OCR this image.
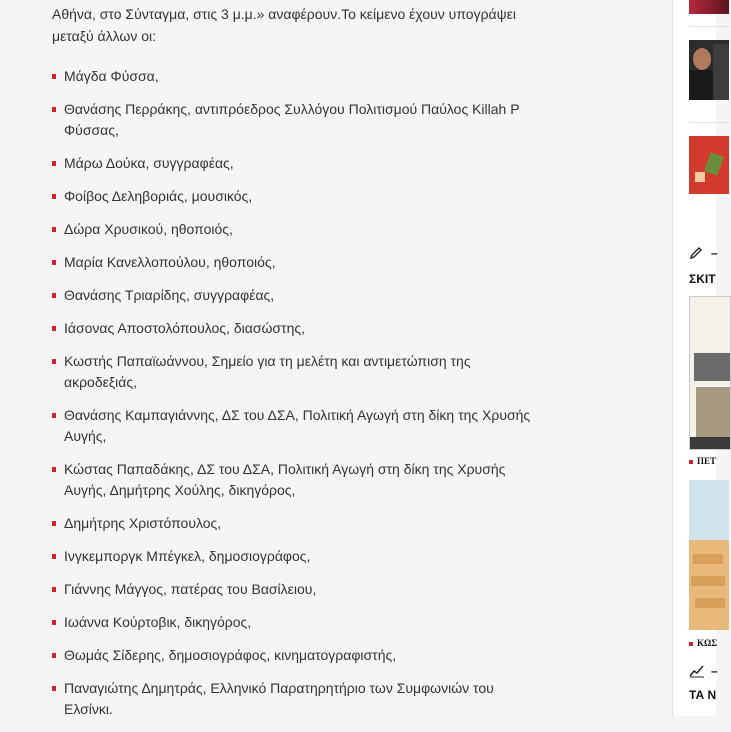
Αθήνα, στο Σύνταγμα, στις 3 μ.μ.» αναφέρουν.Το κείμενο έχουν υπογράψει μεταξύ άλλων οι:

Μάγδα Φύσσα,
Θανάσης Περράκης, αντιπρόεδρος Συλλόγου Πολιτισμού Παύλος Killah P Φύσσας,
Μάρω Δούκα, συγγραφέας,
Φοίβος Δεληβοριάς, μουσικός,
Δώρα Χρυσικού, ηθοποιός,
Μαρία Κανελλοπούλου, ηθοποιός,
Θανάσης Τριαρίδης, συγγραφέας,
Ιάσονας Αποστολόπουλος, διασώστης,
Κωστής Παπαϊωάννου, Σημείο για τη μελέτη και αντιμετώπιση της ακροδεξιάς,
Θανάσης Καμπαγιάννης, ΔΣ του ΔΣΑ, Πολιτική Αγωγή στη δίκη της Χρυσής Αυγής,
Κώστας Παπαδάκης, ΔΣ του ΔΣΑ, Πολιτική Αγωγή στη δίκη της Χρυσής Αυγής, Δημήτρης Χούλης, δικηγόρος,
Δημήτρης Χριστόπουλος,
Ινγκεμποργκ Μπέγκελ, δημοσιογράφος,
Γιάννης Μάγγος, πατέρας του Βασίλειου,
Ιωάννα Κούρτοβικ, δικηγόρος,
Θωμάς Σίδερης, δημοσιογράφος, κινηματογραφιστής,
Παναγιώτης Δημητράς, Ελληνικό Παρατηρητήριο των Συμφωνιών του Ελσίνκι.
–
ΣΚΙΤ
ΠΕΤ
ΚΩΣ
–
ΤΑ Ν
